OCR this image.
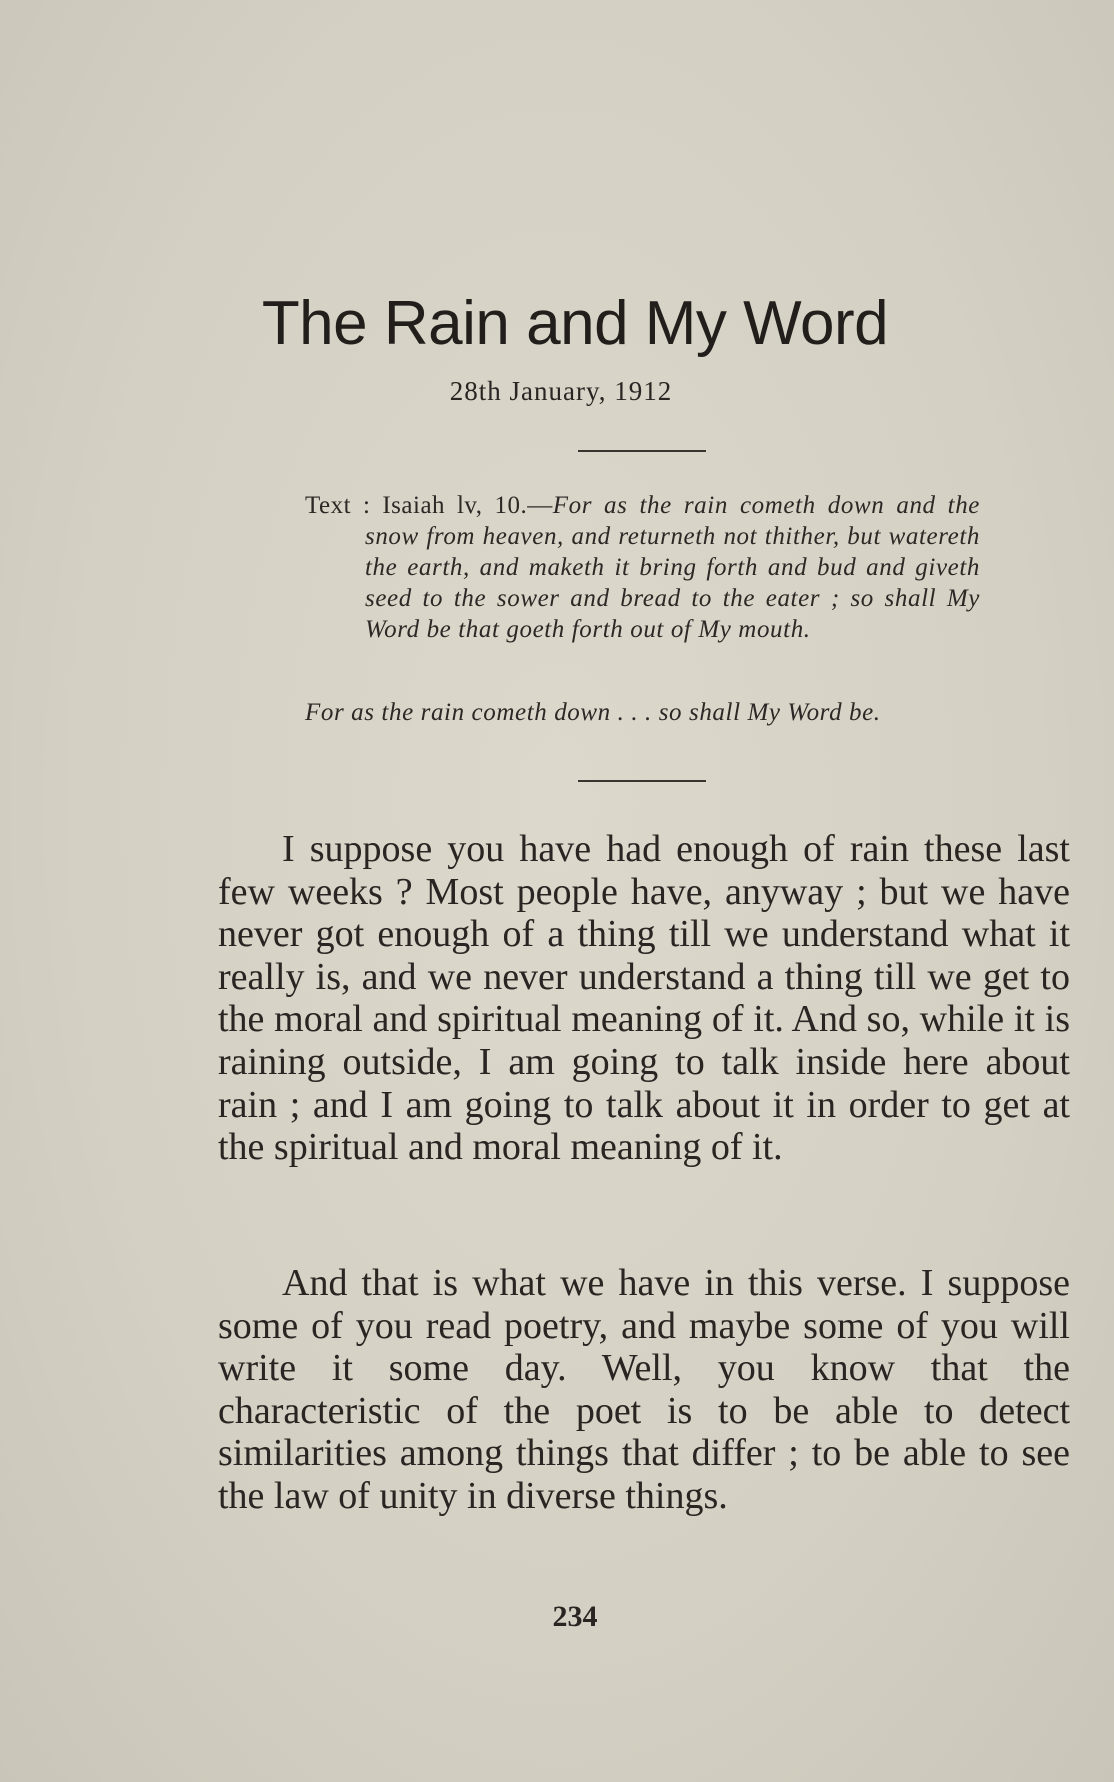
The Rain and My Word
28th January, 1912

Text : Isaiah lv, 10.—For as the rain cometh down and the snow from heaven, and returneth not thither, but watereth the earth, and maketh it bring forth and bud and giveth seed to the sower and bread to the eater ; so shall My Word be that goeth forth out of My mouth.

For as the rain cometh down . . . so shall My Word be.

I suppose you have had enough of rain these last few weeks ? Most people have, anyway ; but we have never got enough of a thing till we understand what it really is, and we never understand a thing till we get to the moral and spiritual meaning of it. And so, while it is raining outside, I am going to talk inside here about rain ; and I am going to talk about it in order to get at the spiritual and moral meaning of it.

And that is what we have in this verse. I suppose some of you read poetry, and maybe some of you will write it some day. Well, you know that the characteristic of the poet is to be able to detect similarities among things that differ ; to be able to see the law of unity in diverse things.

234
